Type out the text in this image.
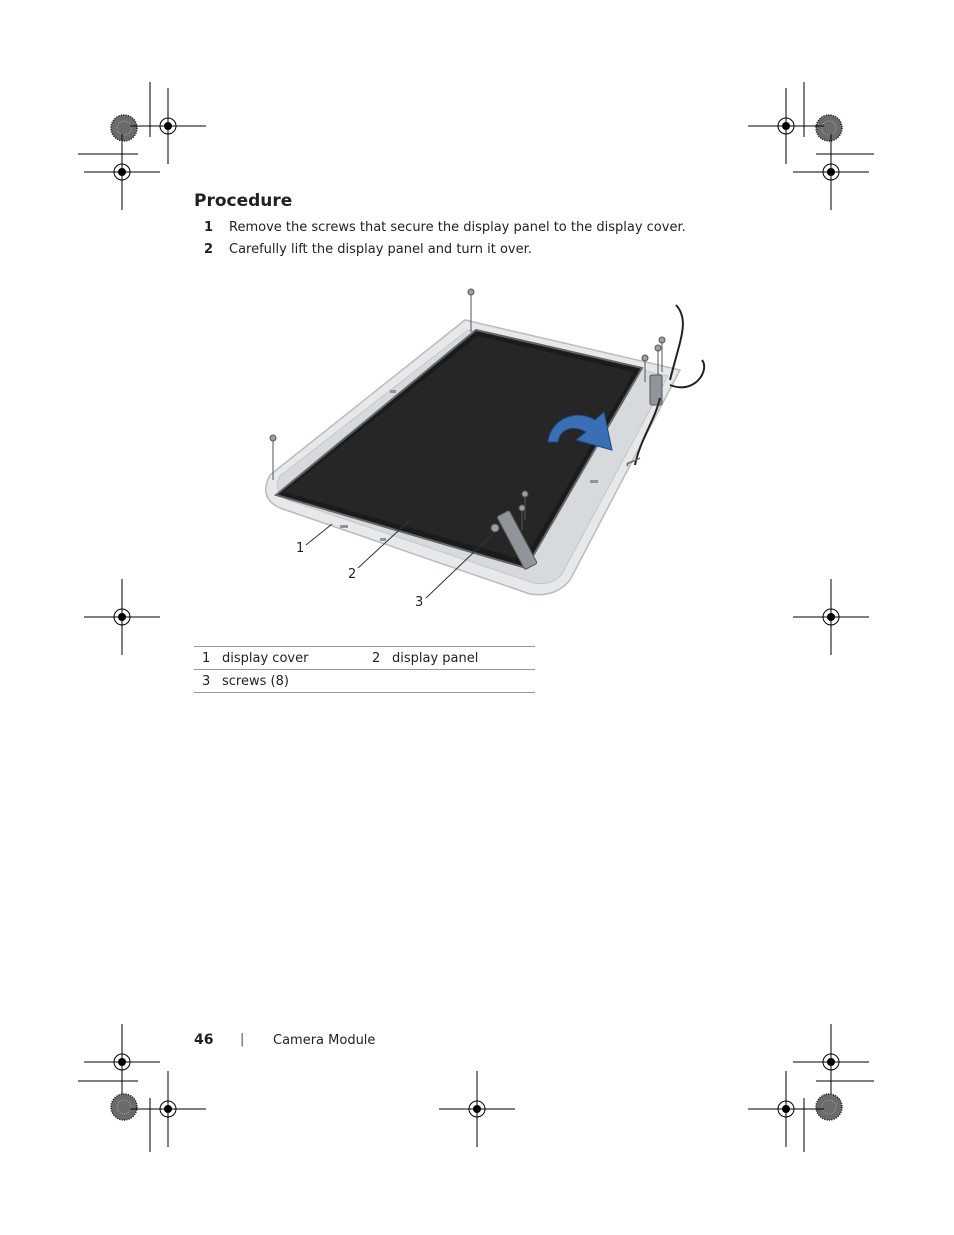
Procedure
1 Remove the screws that secure the display panel to the display cover.
2 Carefully lift the display panel and turn it over.
1
2
3
1	display cover	2	display panel
3	screws (8)		
46 | Camera Module
